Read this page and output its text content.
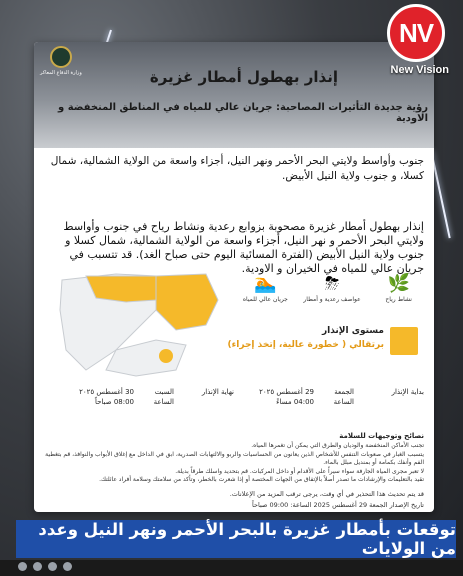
وزارة الدفاع المعاكر	إنذار بهطول أمطار غزيرة
رؤية جديدة التأثيرات المصاحبة: جريان عالي للمياه في المناطق المنخفضة و الاودية
جنوب وأواسط ولايتي البحر الأحمر ونهر النيل، أجزاء واسعة من الولاية الشمالية، شمال كسلا، و جنوب ولاية النيل الأبيض.
إنذار بهطول أمطار غزيرة مصحوبة بزوابع رعدية ونشاط رياح في جنوب وأواسط ولايتي البحر الأحمر و نهر النيل، أجزاء واسعة من الولاية الشمالية، شمال كسلا و جنوب ولاية النيل الأبيض (الفترة المسائية اليوم حتى صباح الغد). قد تتسبب في جريان عالي للمياه في الخيران و الاودية.
🌿
نشاط رياح
⛈
عواصف رعدية و أمطار
🏊
جريان عالي للمياه
مستوى الإنذار
برتقالي ( خطورة عالية، إتخذ إجراء)
بداية الإنذار
الجمعة
الساعة
29 أغسطس ٢٠٢٥
04:00 مساءً
نهاية الإنذار
السبت
الساعة
30 أغسطس ٢٠٢٥
08:00 صباحاً
نصائح وتوجيهات للسلامة
تجنب الأماكن المنخفضة والوديان والطرق التي يمكن أن تغمرها المياه.
يتسبب الغبار في صعوبات التنفس للأشخاص الذين يعانون من الحساسيات والربو والالتهابات الصدرية، ابق في الداخل مع إغلاق الأبواب والنوافذ، قم بتغطية الفم وأنفك بكمامة أو بمنديل مبلل بالماء.
لا تعبر مجرى المياه الجارفة سواء سيراً على الأقدام أو داخل المركبات. قم بتحديد واسلك طرقاً بديلة.
تقيد بالتعليمات والإرشادات ما تصدر أصلاً بالإتفاق من الجهات المختصة أو إذا شعرت بالخطر، وتأكد من سلامتك وسلامة أفراد عائلتك.
قد يتم تحديث هذا التحذير في أي وقت، يرجى ترقب المزيد من الإعلانات.
تاريخ الإصدار الجمعة 29 أغسطس 2025 الساعة: 09:00 صباحاً
NV
New Vision
توقعات بأمطار غزيرة بالبحر الأحمر ونهر النيل وعدد من الولايات
